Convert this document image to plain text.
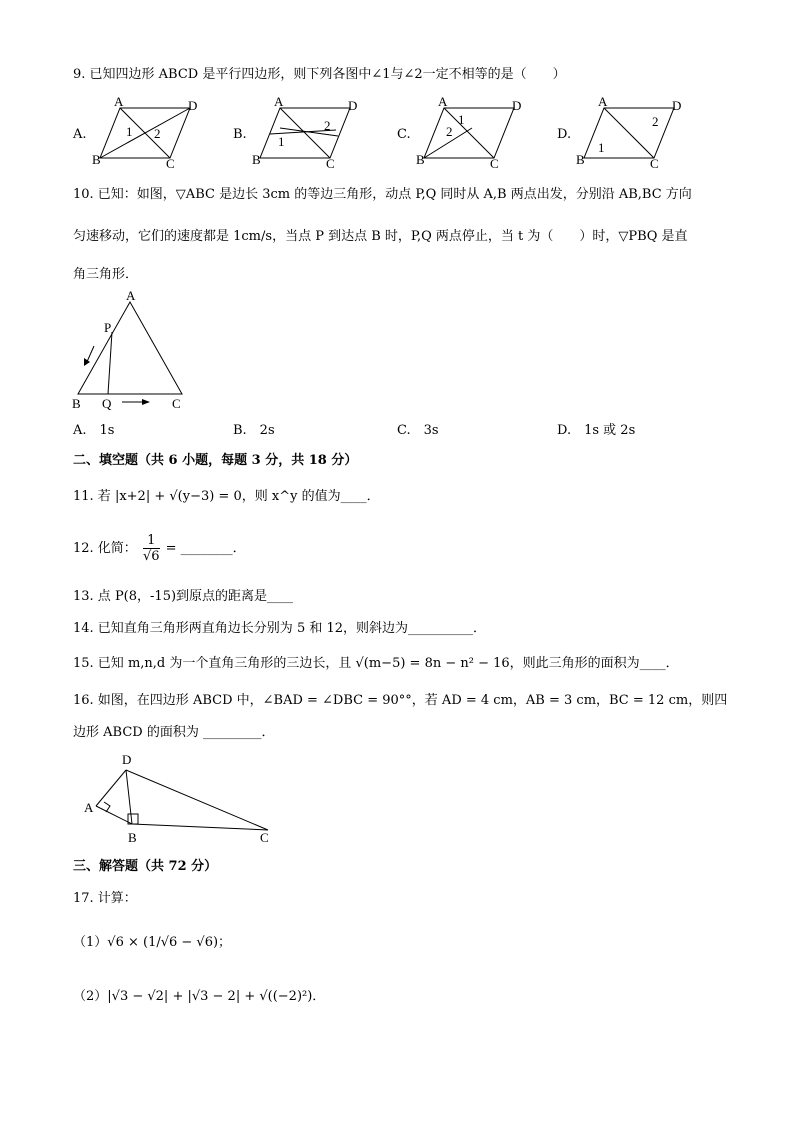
9. 已知四边形 ABCD 是平行四边形，则下列各图中∠1与∠2一定不相等的是（　　）
A.
A	D
B	C
1 2	B.
A	D
B	C
1
2
C.
A	D
B	C
1
2	D.
A	D
B	C
1
2
10. 已知：如图，▽ABC 是边长 3cm 的等边三角形，动点 P,Q 同时从 A,B 两点出发，分别沿 AB,BC 方向
匀速移动，它们的速度都是 1cm/s，当点 P 到达点 B 时，P,Q 两点停止，当 t 为（　　）时，▽PBQ 是直
角三角形．
A
P
B Q	C
A.　1s	B.　2s	C.　3s	D.　1s 或 2s
二、填空题（共 6 小题，每题 3 分，共 18 分）
11. 若 |x+2| + √(y−3) = 0，则 x^y 的值为____．
12. 化简： $\frac{1}{√6}$ = ________．
13. 点 P(8，-15)到原点的距离是____
14. 已知直角三角形两直角边长分别为 5 和 12，则斜边为__________．
15. 已知 m,n,d 为一个直角三角形的三边长，且 √(m−5) = 8n − n² − 16，则此三角形的面积为____．
16. 如图，在四边形 ABCD 中，∠BAD = ∠DBC = 90°°，若 AD = 4 cm，AB = 3 cm，BC = 12 cm，则四
边形 ABCD 的面积为 _________．
D
A
B	C
三、解答题（共 72 分）
17. 计算：
（1）√6 × (1/√6 − √6)；
（2）|√3 − √2| + |√3 − 2| + √((−2)²)．
